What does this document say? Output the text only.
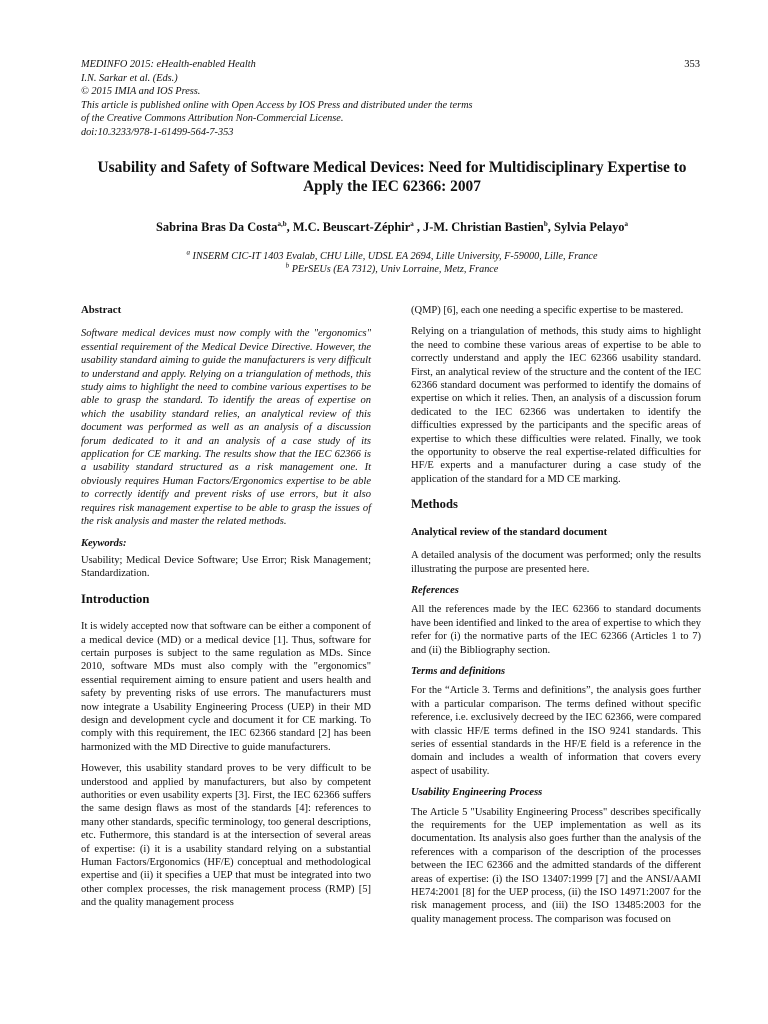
MEDINFO 2015: eHealth-enabled Health
I.N. Sarkar et al. (Eds.)
© 2015 IMIA and IOS Press.
This article is published online with Open Access by IOS Press and distributed under the terms
of the Creative Commons Attribution Non-Commercial License.
doi:10.3233/978-1-61499-564-7-353
353
Usability and Safety of Software Medical Devices: Need for Multidisciplinary Expertise to Apply the IEC 62366: 2007
Sabrina Bras Da Costa$^{a,b}$, M.C. Beuscart-Zéphir$^a$ , J-M. Christian Bastien$^b$, Sylvia Pelayo$^a$
$^a$ INSERM CIC-IT 1403 Evalab, CHU Lille, UDSL EA 2694, Lille University, F-59000, Lille, France
$^b$ PErSEUs (EA 7312), Univ Lorraine, Metz, France
Abstract

Software medical devices must now comply with the "ergonomics" essential requirement of the Medical Device Directive. However, the usability standard aiming to guide the manufacturers is very difficult to understand and apply. Relying on a triangulation of methods, this study aims to highlight the need to combine various expertises to be able to grasp the standard. To identify the areas of expertise on which the usability standard relies, an analytical review of this document was performed as well as an analysis of a discussion forum dedicated to it and an analysis of a case study of its application for CE marking. The results show that the IEC 62366 is a usability standard structured as a risk management one. It obviously requires Human Factors/Ergonomics expertise to be able to correctly identify and prevent risks of use errors, but it also requires risk management expertise to be able to grasp the issues of the risk analysis and master the related methods.

Keywords:

Usability; Medical Device Software; Use Error; Risk Management; Standardization.

Introduction

It is widely accepted now that software can be either a component of a medical device (MD) or a medical device [1]. Thus, software for certain purposes is subject to the same regulation as MDs. Since 2010, software MDs must also comply with the "ergonomics" essential requirement aiming to ensure patient and users health and safety by preventing risks of use errors. The manufacturers must now integrate a Usability Engineering Process (UEP) in their MD design and development cycle and document it for CE marking. To comply with this requirement, the IEC 62366 standard [2] has been harmonized with the MD Directive to guide manufacturers.

However, this usability standard proves to be very difficult to be understood and applied by manufacturers, but also by competent authorities or even usability experts [3]. First, the IEC 62366 suffers the same design flaws as most of the standards [4]: references to many other standards, specific terminology, too general descriptions, etc. Futhermore, this standard is at the intersection of several areas of expertise: (i) it is a usability standard relying on a substantial Human Factors/Ergonomics (HF/E) conceptual and methodological expertise and (ii) it specifies a UEP that must be integrated into two other complex processes, the risk management process (RMP) [5] and the quality management process

(QMP) [6], each one needing a specific expertise to be mastered.

Relying on a triangulation of methods, this study aims to highlight the need to combine these various areas of expertise to be able to correctly understand and apply the IEC 62366 usability standard. First, an analytical review of the structure and the content of the IEC 62366 standard document was performed to identify the domains of expertise on which it relies. Then, an analysis of a discussion forum dedicated to the IEC 62366 was undertaken to identify the difficulties expressed by the participants and the specific areas of expertise to which these difficulties were related. Finally, we took the opportunity to observe the real expertise-related difficulties for HF/E experts and a manufacturer during a case study of the application of the standard for a MD CE marking.

Methods
Analytical review of the standard document

A detailed analysis of the document was performed; only the results illustrating the purpose are presented here.

References

All the references made by the IEC 62366 to standard documents have been identified and linked to the area of expertise to which they refer for (i) the normative parts of the IEC 62366 (Articles 1 to 7) and (ii) the Bibliography section.

Terms and definitions

For the “Article 3. Terms and definitions”, the analysis goes further with a particular comparison. The terms defined without specific reference, i.e. exclusively decreed by the IEC 62366, were compared with classic HF/E terms defined in the ISO 9241 standards. This series of essential standards in the HF/E field is a reference in the domain and includes a wealth of information that covers every aspect of usability.

Usability Engineering Process

The Article 5 "Usability Engineering Process" describes specifically the requirements for the UEP implementation as well as its documentation. Its analysis also goes further than the analysis of the references with a comparison of the description of the processes between the IEC 62366 and the admitted standards of the different areas of expertise: (i) the ISO 13407:1999 [7] and the ANSI/AAMI HE74:2001 [8] for the UEP process, (ii) the ISO 14971:2007 for the risk management process, and (iii) the ISO 13485:2003 for the quality management process. The comparison was focused on
